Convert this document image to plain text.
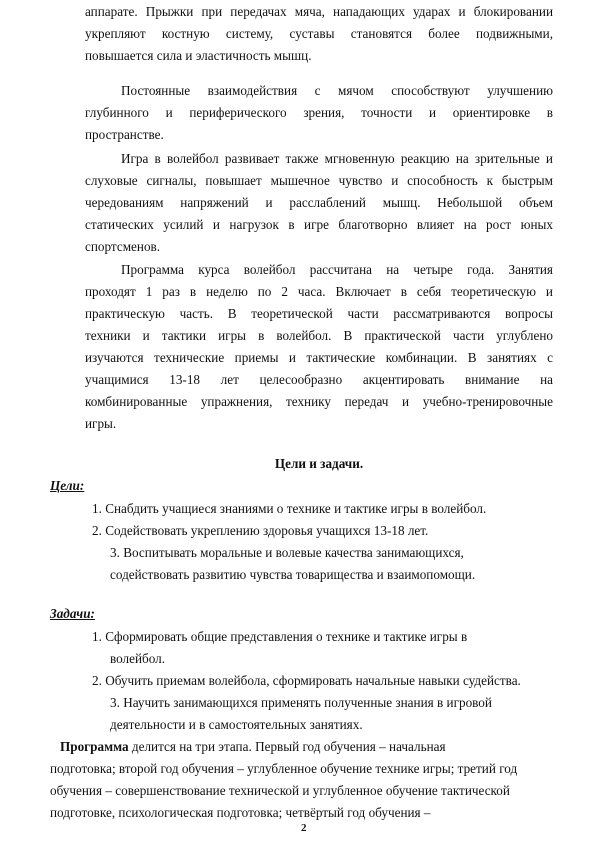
аппарате. Прыжки при передачах мяча, нападающих ударах и блокировании
укрепляют костную систему, суставы становятся более подвижными,
повышается сила и эластичность мышц.
Постоянные взаимодействия с мячом способствуют улучшению
глубинного и периферического зрения, точности и ориентировке в
пространстве.
Игра в волейбол развивает также мгновенную реакцию на зрительные и
слуховые сигналы, повышает мышечное чувство и способность к быстрым
чередованиям напряжений и расслаблений мышц. Небольшой объем
статических усилий и нагрузок в игре благотворно влияет на рост юных
спортсменов.
Программа курса волейбол рассчитана на четыре года. Занятия
проходят 1 раз в неделю по 2 часа. Включает в себя теоретическую и
практическую часть. В теоретической части рассматриваются вопросы
техники и тактики игры в волейбол. В практической части углублено
изучаются технические приемы и тактические комбинации. В занятиях с
учащимися 13-18 лет целесообразно акцентировать внимание на
комбинированные упражнения, технику передач и учебно-тренировочные
игры.
Цели и задачи.
Цели:
1. Снабдить учащиеся знаниями о технике и тактике игры в волейбол.
2. Содействовать укреплению здоровья учащихся 13-18 лет.
3. Воспитывать моральные и волевые качества занимающихся,
содействовать развитию чувства товарищества и взаимопомощи.
Задачи:
1. Сформировать общие представления о технике и тактике игры в
волейбол.
2. Обучить приемам волейбола, сформировать начальные навыки судейства.
3. Научить занимающихся применять полученные знания в игровой
деятельности и в самостоятельных занятиях.
Программа делится на три этапа. Первый год обучения – начальная
подготовка; второй год обучения – углубленное обучение технике игры; третий год
обучения – совершенствование технической и углубленное обучение тактической
подготовке, психологическая подготовка; четвёртый год обучения –
2
